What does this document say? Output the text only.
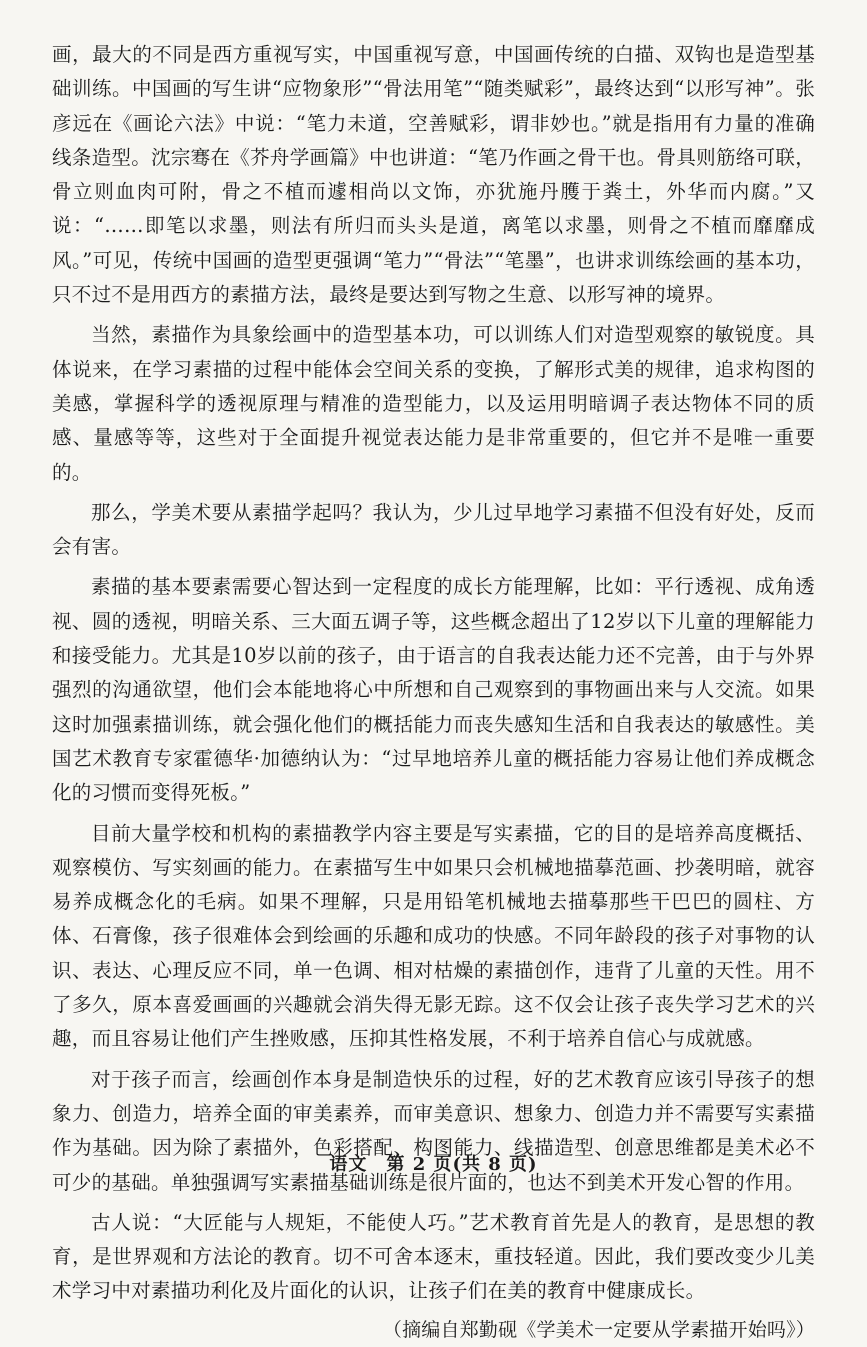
画，最大的不同是西方重视写实，中国重视写意，中国画传统的白描、双钩也是造型基础训练。中国画的写生讲“应物象形”“骨法用笔”“随类赋彩”，最终达到“以形写神”。张彦远在《画论六法》中说：“笔力未道，空善赋彩，谓非妙也。”就是指用有力量的准确线条造型。沈宗骞在《芥舟学画篇》中也讲道：“笔乃作画之骨干也。骨具则筋络可联，骨立则血肉可附，骨之不植而遽相尚以文饰，亦犹施丹臒于粪土，外华而内腐。”又说：“……即笔以求墨，则法有所归而头头是道，离笔以求墨，则骨之不植而靡靡成风。”可见，传统中国画的造型更强调“笔力”“骨法”“笔墨”，也讲求训练绘画的基本功，只不过不是用西方的素描方法，最终是要达到写物之生意、以形写神的境界。

当然，素描作为具象绘画中的造型基本功，可以训练人们对造型观察的敏锐度。具体说来，在学习素描的过程中能体会空间关系的变换，了解形式美的规律，追求构图的美感，掌握科学的透视原理与精准的造型能力，以及运用明暗调子表达物体不同的质感、量感等等，这些对于全面提升视觉表达能力是非常重要的，但它并不是唯一重要的。

那么，学美术要从素描学起吗？我认为，少儿过早地学习素描不但没有好处，反而会有害。

素描的基本要素需要心智达到一定程度的成长方能理解，比如：平行透视、成角透视、圆的透视，明暗关系、三大面五调子等，这些概念超出了12岁以下儿童的理解能力和接受能力。尤其是10岁以前的孩子，由于语言的自我表达能力还不完善，由于与外界强烈的沟通欲望，他们会本能地将心中所想和自己观察到的事物画出来与人交流。如果这时加强素描训练，就会强化他们的概括能力而丧失感知生活和自我表达的敏感性。美国艺术教育专家霍德华·加德纳认为：“过早地培养儿童的概括能力容易让他们养成概念化的习惯而变得死板。”

目前大量学校和机构的素描教学内容主要是写实素描，它的目的是培养高度概括、观察模仿、写实刻画的能力。在素描写生中如果只会机械地描摹范画、抄袭明暗，就容易养成概念化的毛病。如果不理解，只是用铅笔机械地去描摹那些干巴巴的圆柱、方体、石膏像，孩子很难体会到绘画的乐趣和成功的快感。不同年龄段的孩子对事物的认识、表达、心理反应不同，单一色调、相对枯燥的素描创作，违背了儿童的天性。用不了多久，原本喜爱画画的兴趣就会消失得无影无踪。这不仅会让孩子丧失学习艺术的兴趣，而且容易让他们产生挫败感，压抑其性格发展，不利于培养自信心与成就感。

对于孩子而言，绘画创作本身是制造快乐的过程，好的艺术教育应该引导孩子的想象力、创造力，培养全面的审美素养，而审美意识、想象力、创造力并不需要写实素描作为基础。因为除了素描外，色彩搭配、构图能力、线描造型、创意思维都是美术必不可少的基础。单独强调写实素描基础训练是很片面的，也达不到美术开发心智的作用。

古人说：“大匠能与人规矩，不能使人巧。”艺术教育首先是人的教育，是思想的教育，是世界观和方法论的教育。切不可舍本逐末，重技轻道。因此，我们要改变少儿美术学习中对素描功利化及片面化的认识，让孩子们在美的教育中健康成长。

（摘编自郑勤砚《学美术一定要从学素描开始吗》）

语文　第 2 页(共 8 页)
